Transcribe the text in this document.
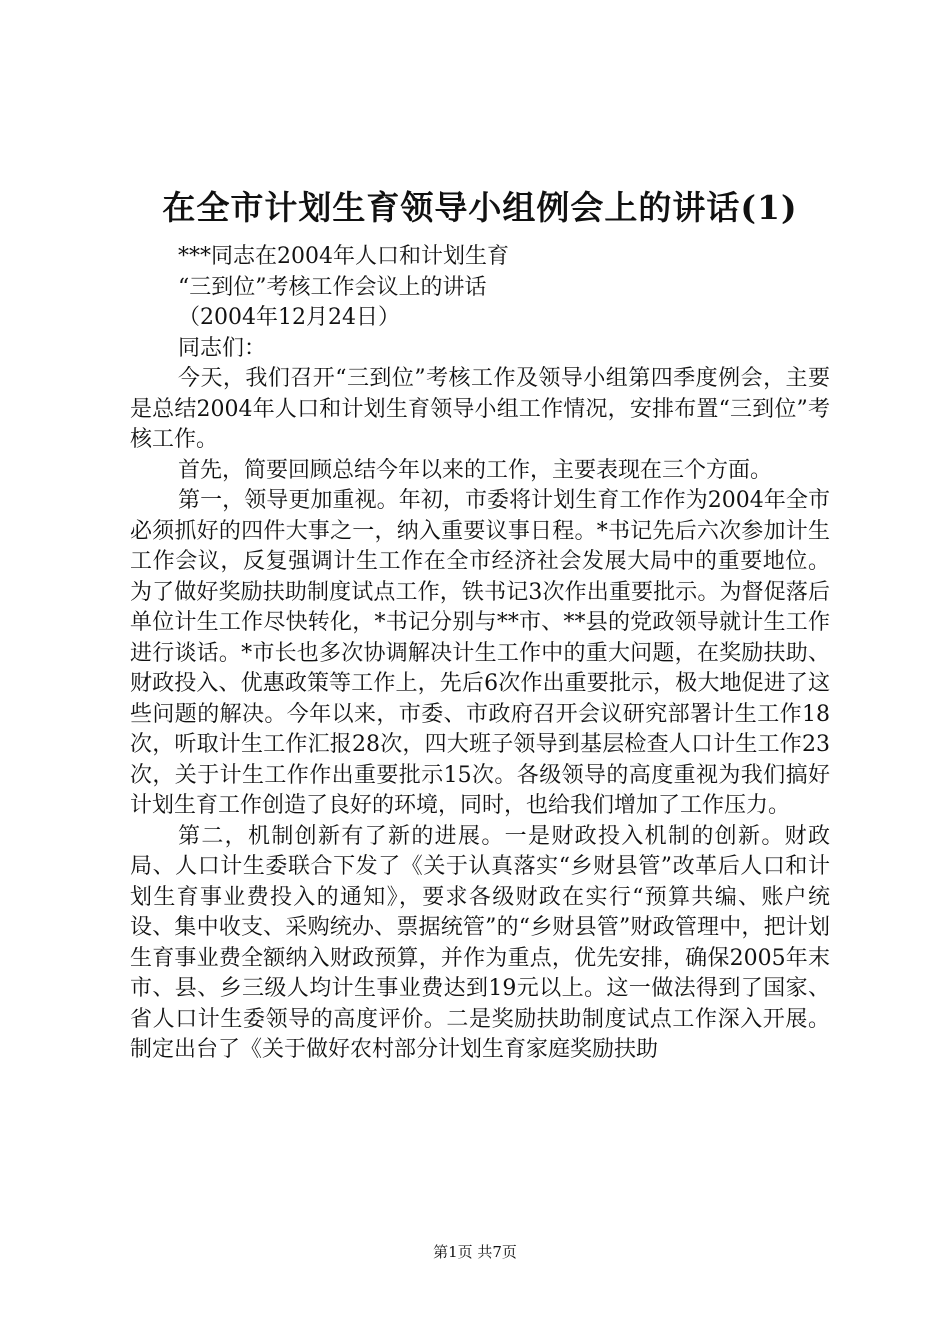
在全市计划生育领导小组例会上的讲话(1)

***同志在2004年人口和计划生育

“三到位”考核工作会议上的讲话

（2004年12月24日）

同志们：

今天，我们召开“三到位”考核工作及领导小组第四季度例会，主要是总结2004年人口和计划生育领导小组工作情况，安排布置“三到位”考核工作。

首先，简要回顾总结今年以来的工作，主要表现在三个方面。

第一，领导更加重视。年初，市委将计划生育工作作为2004年全市必须抓好的四件大事之一，纳入重要议事日程。*书记先后六次参加计生工作会议，反复强调计生工作在全市经济社会发展大局中的重要地位。为了做好奖励扶助制度试点工作，铁书记3次作出重要批示。为督促落后单位计生工作尽快转化，*书记分别与**市、**县的党政领导就计生工作进行谈话。*市长也多次协调解决计生工作中的重大问题，在奖励扶助、财政投入、优惠政策等工作上，先后6次作出重要批示，极大地促进了这些问题的解决。今年以来，市委、市政府召开会议研究部署计生工作18次，听取计生工作汇报28次，四大班子领导到基层检查人口计生工作23次，关于计生工作作出重要批示15次。各级领导的高度重视为我们搞好计划生育工作创造了良好的环境，同时，也给我们增加了工作压力。

第二，机制创新有了新的进展。一是财政投入机制的创新。财政局、人口计生委联合下发了《关于认真落实“乡财县管”改革后人口和计划生育事业费投入的通知》，要求各级财政在实行“预算共编、账户统设、集中收支、采购统办、票据统管”的“乡财县管”财政管理中，把计划生育事业费全额纳入财政预算，并作为重点，优先安排，确保2005年末市、县、乡三级人均计生事业费达到19元以上。这一做法得到了国家、省人口计生委领导的高度评价。二是奖励扶助制度试点工作深入开展。制定出台了《关于做好农村部分计划生育家庭奖励扶助

第1页 共7页
